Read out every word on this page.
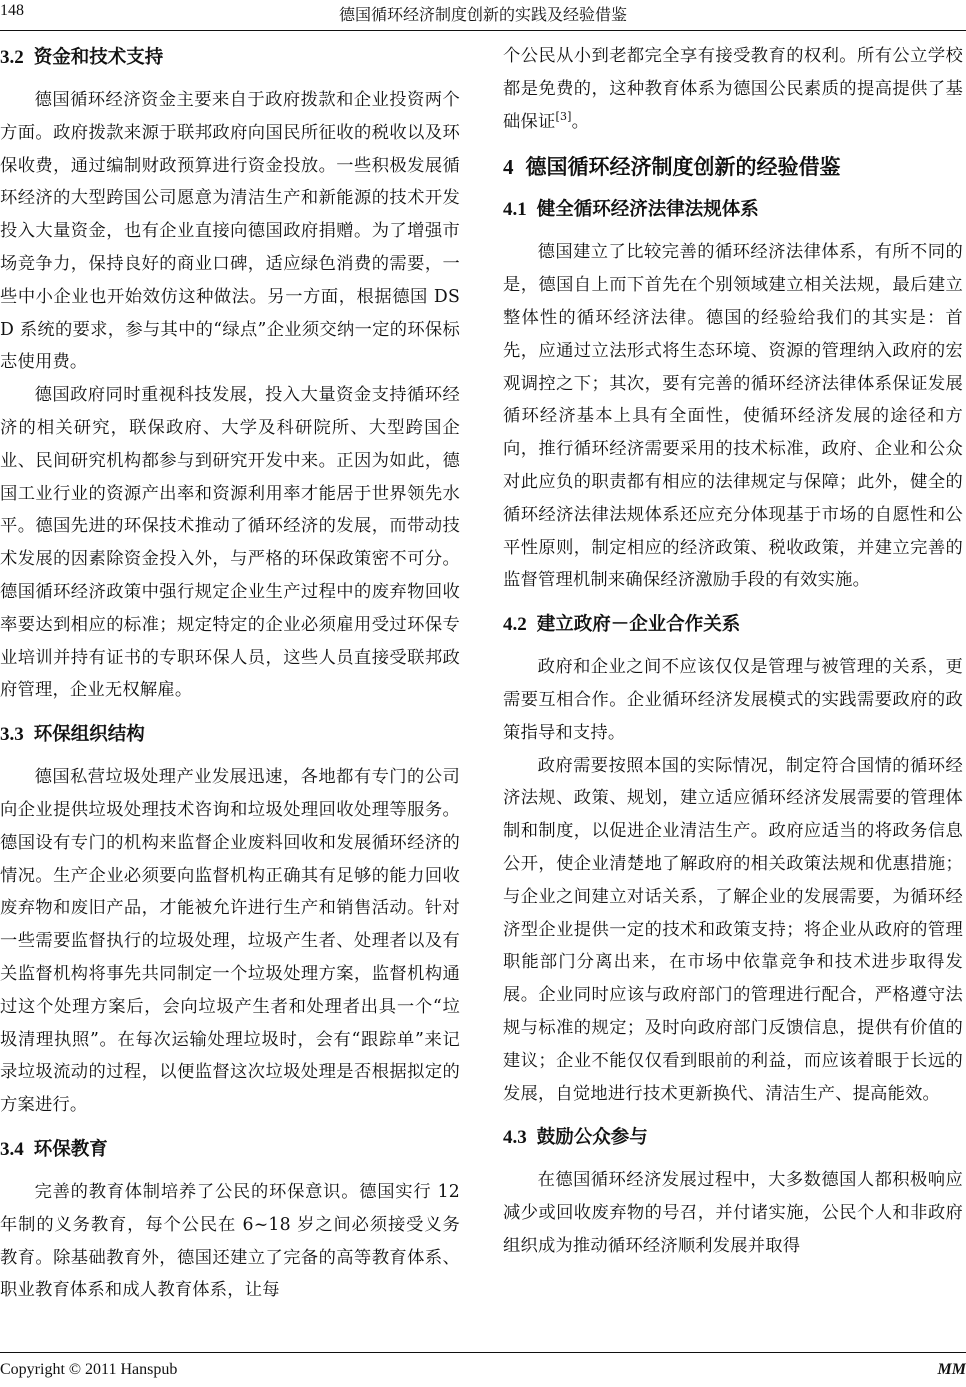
148	德国循环经济制度创新的实践及经验借鉴
3.2 资金和技术支持

德国循环经济资金主要来自于政府拨款和企业投资两个方面。政府拨款来源于联邦政府向国民所征收的税收以及环保收费，通过编制财政预算进行资金投放。一些积极发展循环经济的大型跨国公司愿意为清洁生产和新能源的技术开发投入大量资金，也有企业直接向德国政府捐赠。为了增强市场竞争力，保持良好的商业口碑，适应绿色消费的需要，一些中小企业也开始效仿这种做法。另一方面，根据德国 DSD 系统的要求，参与其中的“绿点”企业须交纳一定的环保标志使用费。

德国政府同时重视科技发展，投入大量资金支持循环经济的相关研究，联保政府、大学及科研院所、大型跨国企业、民间研究机构都参与到研究开发中来。正因为如此，德国工业行业的资源产出率和资源利用率才能居于世界领先水平。德国先进的环保技术推动了循环经济的发展，而带动技术发展的因素除资金投入外，与严格的环保政策密不可分。德国循环经济政策中强行规定企业生产过程中的废弃物回收率要达到相应的标准；规定特定的企业必须雇用受过环保专业培训并持有证书的专职环保人员，这些人员直接受联邦政府管理，企业无权解雇。

3.3 环保组织结构

德国私营垃圾处理产业发展迅速，各地都有专门的公司向企业提供垃圾处理技术咨询和垃圾处理回收处理等服务。德国设有专门的机构来监督企业废料回收和发展循环经济的情况。生产企业必须要向监督机构正确其有足够的能力回收废弃物和废旧产品，才能被允许进行生产和销售活动。针对一些需要监督执行的垃圾处理，垃圾产生者、处理者以及有关监督机构将事先共同制定一个垃圾处理方案，监督机构通过这个处理方案后，会向垃圾产生者和处理者出具一个“垃圾清理执照”。在每次运输处理垃圾时，会有“跟踪单”来记录垃圾流动的过程，以便监督这次垃圾处理是否根据拟定的方案进行。

3.4 环保教育

完善的教育体制培养了公民的环保意识。德国实行 12 年制的义务教育，每个公民在 6~18 岁之间必须接受义务教育。除基础教育外，德国还建立了完备的高等教育体系、职业教育体系和成人教育体系，让每

个公民从小到老都完全享有接受教育的权利。所有公立学校都是免费的，这种教育体系为德国公民素质的提高提供了基础保证[3]。

4 德国循环经济制度创新的经验借鉴
4.1 健全循环经济法律法规体系

德国建立了比较完善的循环经济法律体系，有所不同的是，德国自上而下首先在个别领域建立相关法规，最后建立整体性的循环经济法律。德国的经验给我们的其实是：首先，应通过立法形式将生态环境、资源的管理纳入政府的宏观调控之下；其次，要有完善的循环经济法律体系保证发展循环经济基本上具有全面性，使循环经济发展的途径和方向，推行循环经济需要采用的技术标准，政府、企业和公众对此应负的职责都有相应的法律规定与保障；此外，健全的循环经济法律法规体系还应充分体现基于市场的自愿性和公平性原则，制定相应的经济政策、税收政策，并建立完善的监督管理机制来确保经济激励手段的有效实施。

4.2 建立政府－企业合作关系

政府和企业之间不应该仅仅是管理与被管理的关系，更需要互相合作。企业循环经济发展模式的实践需要政府的政策指导和支持。

政府需要按照本国的实际情况，制定符合国情的循环经济法规、政策、规划，建立适应循环经济发展需要的管理体制和制度，以促进企业清洁生产。政府应适当的将政务信息公开，使企业清楚地了解政府的相关政策法规和优惠措施；与企业之间建立对话关系，了解企业的发展需要，为循环经济型企业提供一定的技术和政策支持；将企业从政府的管理职能部门分离出来，在市场中依靠竞争和技术进步取得发展。企业同时应该与政府部门的管理进行配合，严格遵守法规与标准的规定；及时向政府部门反馈信息，提供有价值的建议；企业不能仅仅看到眼前的利益，而应该着眼于长远的发展，自觉地进行技术更新换代、清洁生产、提高能效。

4.3 鼓励公众参与

在德国循环经济发展过程中，大多数德国人都积极响应减少或回收废弃物的号召，并付诸实施，公民个人和非政府组织成为推动循环经济顺利发展并取得

Copyright © 2011 Hanspub	MM
